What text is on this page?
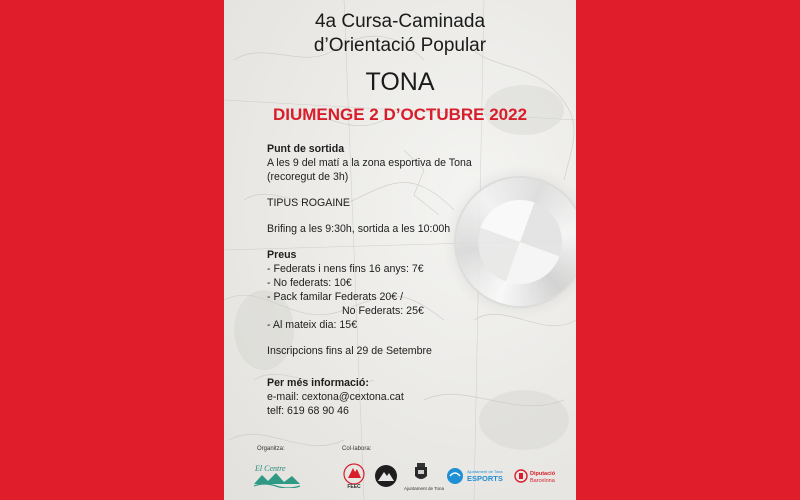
4a Cursa-Caminada
d’Orientació Popular
TONA
DIUMENGE 2 D’OCTUBRE 2022
Punt de sortida
A les 9 del matí a la zona esportiva de Tona
(recoregut de 3h)
TIPUS ROGAINE
Brifing a les 9:30h, sortida a les 10:00h
Preus
- Federats i nens fins 16 anys: 7€
- No federats: 10€
- Pack familar Federats 20€ /
No Federats: 25€
- Al mateix dia: 15€
Inscripcions fins al 29 de Setembre
Per més informació:
e-mail: cextona@cextona.cat
telf: 619 68 90 46
Organitza:	Col·labora:
El Centre
FEEC	Ajuntament de Tona
Ajuntament de Tona
ESPORTS	Diputació
Barcelona
